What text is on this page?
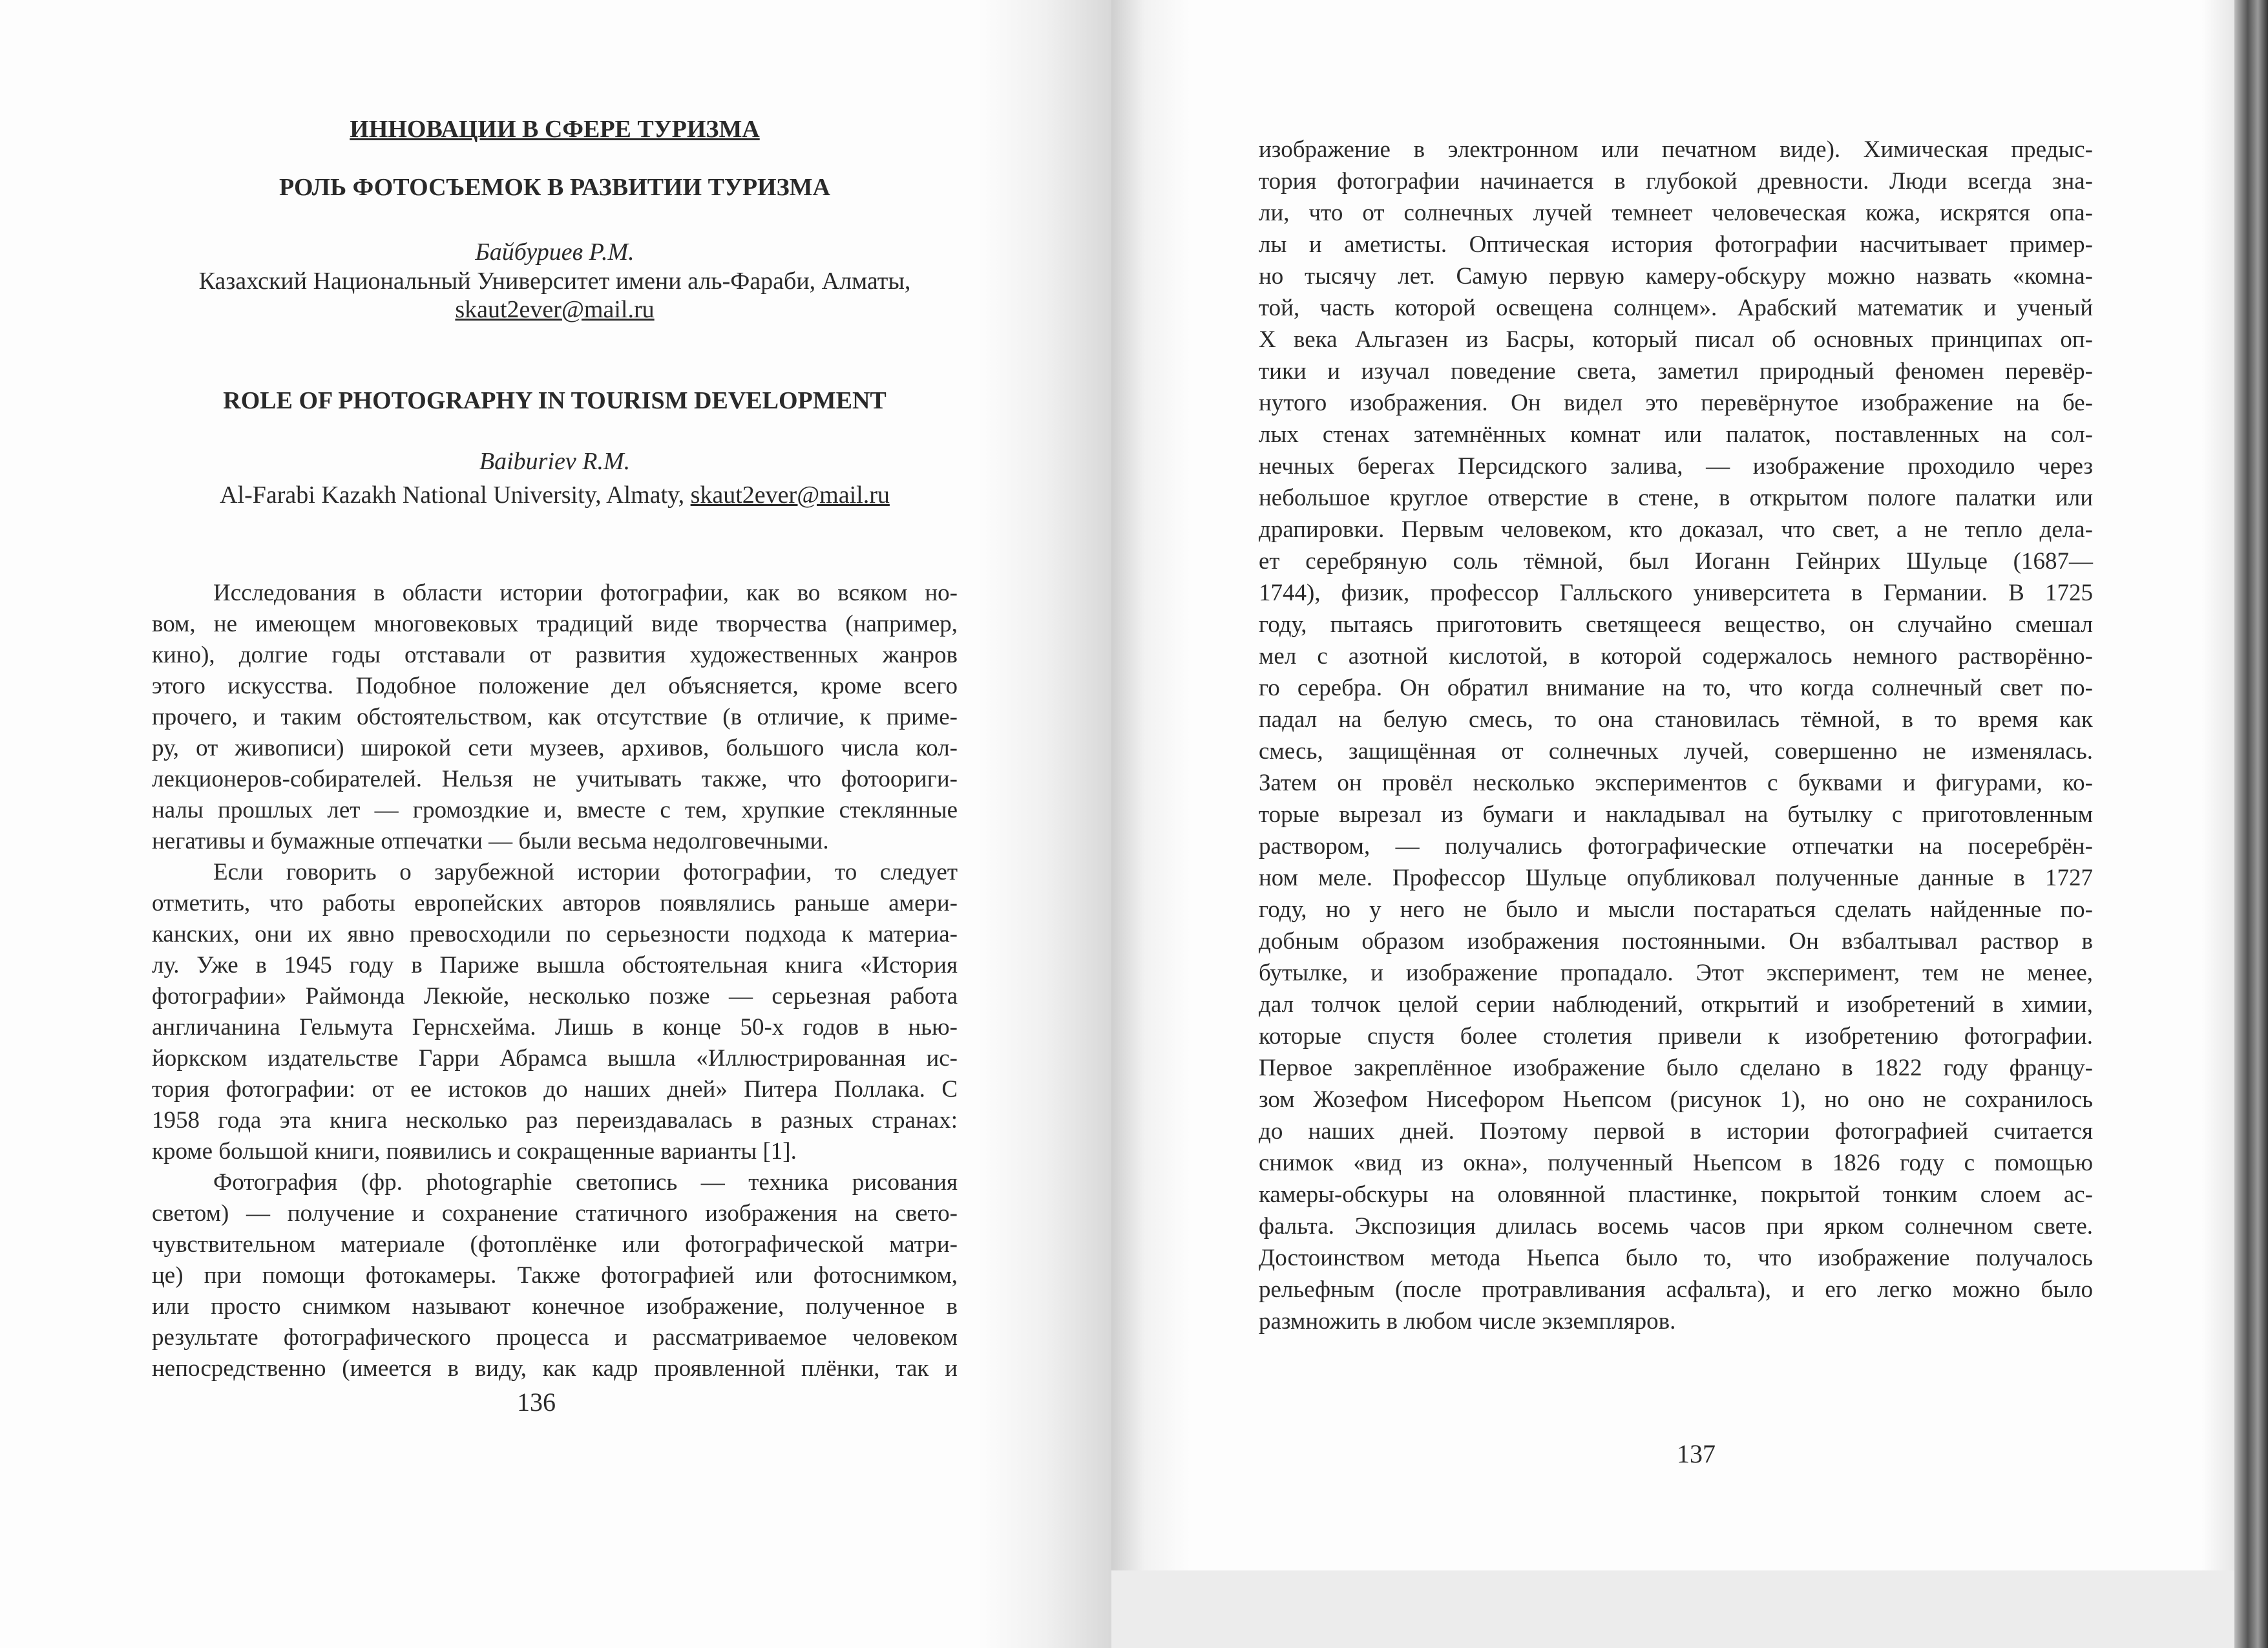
ИННОВАЦИИ В СФЕРЕ ТУРИЗМА
РОЛЬ ФОТОСЪЕМОК В РАЗВИТИИ ТУРИЗМА
Байбуриев Р.М.
Казахский Национальный Университет имени аль-Фараби, Алматы,
skaut2ever@mail.ru
ROLE OF PHOTOGRAPHY IN TOURISM DEVELOPMENT
Baiburiev R.M.
Al-Farabi Kazakh National University, Almaty, skaut2ever@mail.ru
Исследования в области истории фотографии, как во всяком но-
вом, не имеющем многовековых традиций виде творчества (например,
кино), долгие годы отставали от развития художественных жанров
этого искусства. Подобное положение дел объясняется, кроме всего
прочего, и таким обстоятельством, как отсутствие (в отличие, к приме-
ру, от живописи) широкой сети музеев, архивов, большого числа кол-
лекционеров-собирателей. Нельзя не учитывать также, что фотоориги-
налы прошлых лет — громоздкие и, вместе с тем, хрупкие стеклянные
негативы и бумажные отпечатки — были весьма недолговечными.
Если говорить о зарубежной истории фотографии, то следует
отметить, что работы европейских авторов появлялись раньше амери-
канских, они их явно превосходили по серьезности подхода к материа-
лу. Уже в 1945 году в Париже вышла обстоятельная книга «История
фотографии» Раймонда Лекюйе, несколько позже — серьезная работа
англичанина Гельмута Гернсхейма. Лишь в конце 50-х годов в нью-
йоркском издательстве Гарри Абрамса вышла «Иллюстрированная ис-
тория фотографии: от ее истоков до наших дней» Питера Поллака. С
1958 года эта книга несколько раз переиздавалась в разных странах:
кроме большой книги, появились и сокращенные варианты [1].
Фотография (фр. photographie светопись — техника рисования
светом) — получение и сохранение статичного изображения на свето-
чувствительном материале (фотоплёнке или фотографической матри-
це) при помощи фотокамеры. Также фотографией или фотоснимком,
или просто снимком называют конечное изображение, полученное в
результате фотографического процесса и рассматриваемое человеком
непосредственно (имеется в виду, как кадр проявленной плёнки, так и
136
137
изображение в электронном или печатном виде). Химическая предыс-
тория фотографии начинается в глубокой древности. Люди всегда зна-
ли, что от солнечных лучей темнеет человеческая кожа, искрятся опа-
лы и аметисты. Оптическая история фотографии насчитывает пример-
но тысячу лет. Самую первую камеру-обскуру можно назвать «комна-
той, часть которой освещена солнцем». Арабский математик и ученый
X века Альгазен из Басры, который писал об основных принципах оп-
тики и изучал поведение света, заметил природный феномен перевёр-
нутого изображения. Он видел это перевёрнутое изображение на бе-
лых стенах затемнённых комнат или палаток, поставленных на сол-
нечных берегах Персидского залива, — изображение проходило через
небольшое круглое отверстие в стене, в открытом пологе палатки или
драпировки. Первым человеком, кто доказал, что свет, а не тепло дела-
ет серебряную соль тёмной, был Иоганн Гейнрих Шульце (1687—
1744), физик, профессор Галльского университета в Германии. В 1725
году, пытаясь приготовить светящееся вещество, он случайно смешал
мел с азотной кислотой, в которой содержалось немного растворённо-
го серебра. Он обратил внимание на то, что когда солнечный свет по-
падал на белую смесь, то она становилась тёмной, в то время как
смесь, защищённая от солнечных лучей, совершенно не изменялась.
Затем он провёл несколько экспериментов с буквами и фигурами, ко-
торые вырезал из бумаги и накладывал на бутылку с приготовленным
раствором, — получались фотографические отпечатки на посеребрён-
ном меле. Профессор Шульце опубликовал полученные данные в 1727
году, но у него не было и мысли постараться сделать найденные по-
добным образом изображения постоянными. Он взбалтывал раствор в
бутылке, и изображение пропадало. Этот эксперимент, тем не менее,
дал толчок целой серии наблюдений, открытий и изобретений в химии,
которые спустя более столетия привели к изобретению фотографии.
Первое закреплённое изображение было сделано в 1822 году францу-
зом Жозефом Нисефором Ньепсом (рисунок 1), но оно не сохранилось
до наших дней. Поэтому первой в истории фотографией считается
снимок «вид из окна», полученный Ньепсом в 1826 году с помощью
камеры-обскуры на оловянной пластинке, покрытой тонким слоем ас-
фальта. Экспозиция длилась восемь часов при ярком солнечном свете.
Достоинством метода Ньепса было то, что изображение получалось
рельефным (после протравливания асфальта), и его легко можно было
размножить в любом числе экземпляров.
